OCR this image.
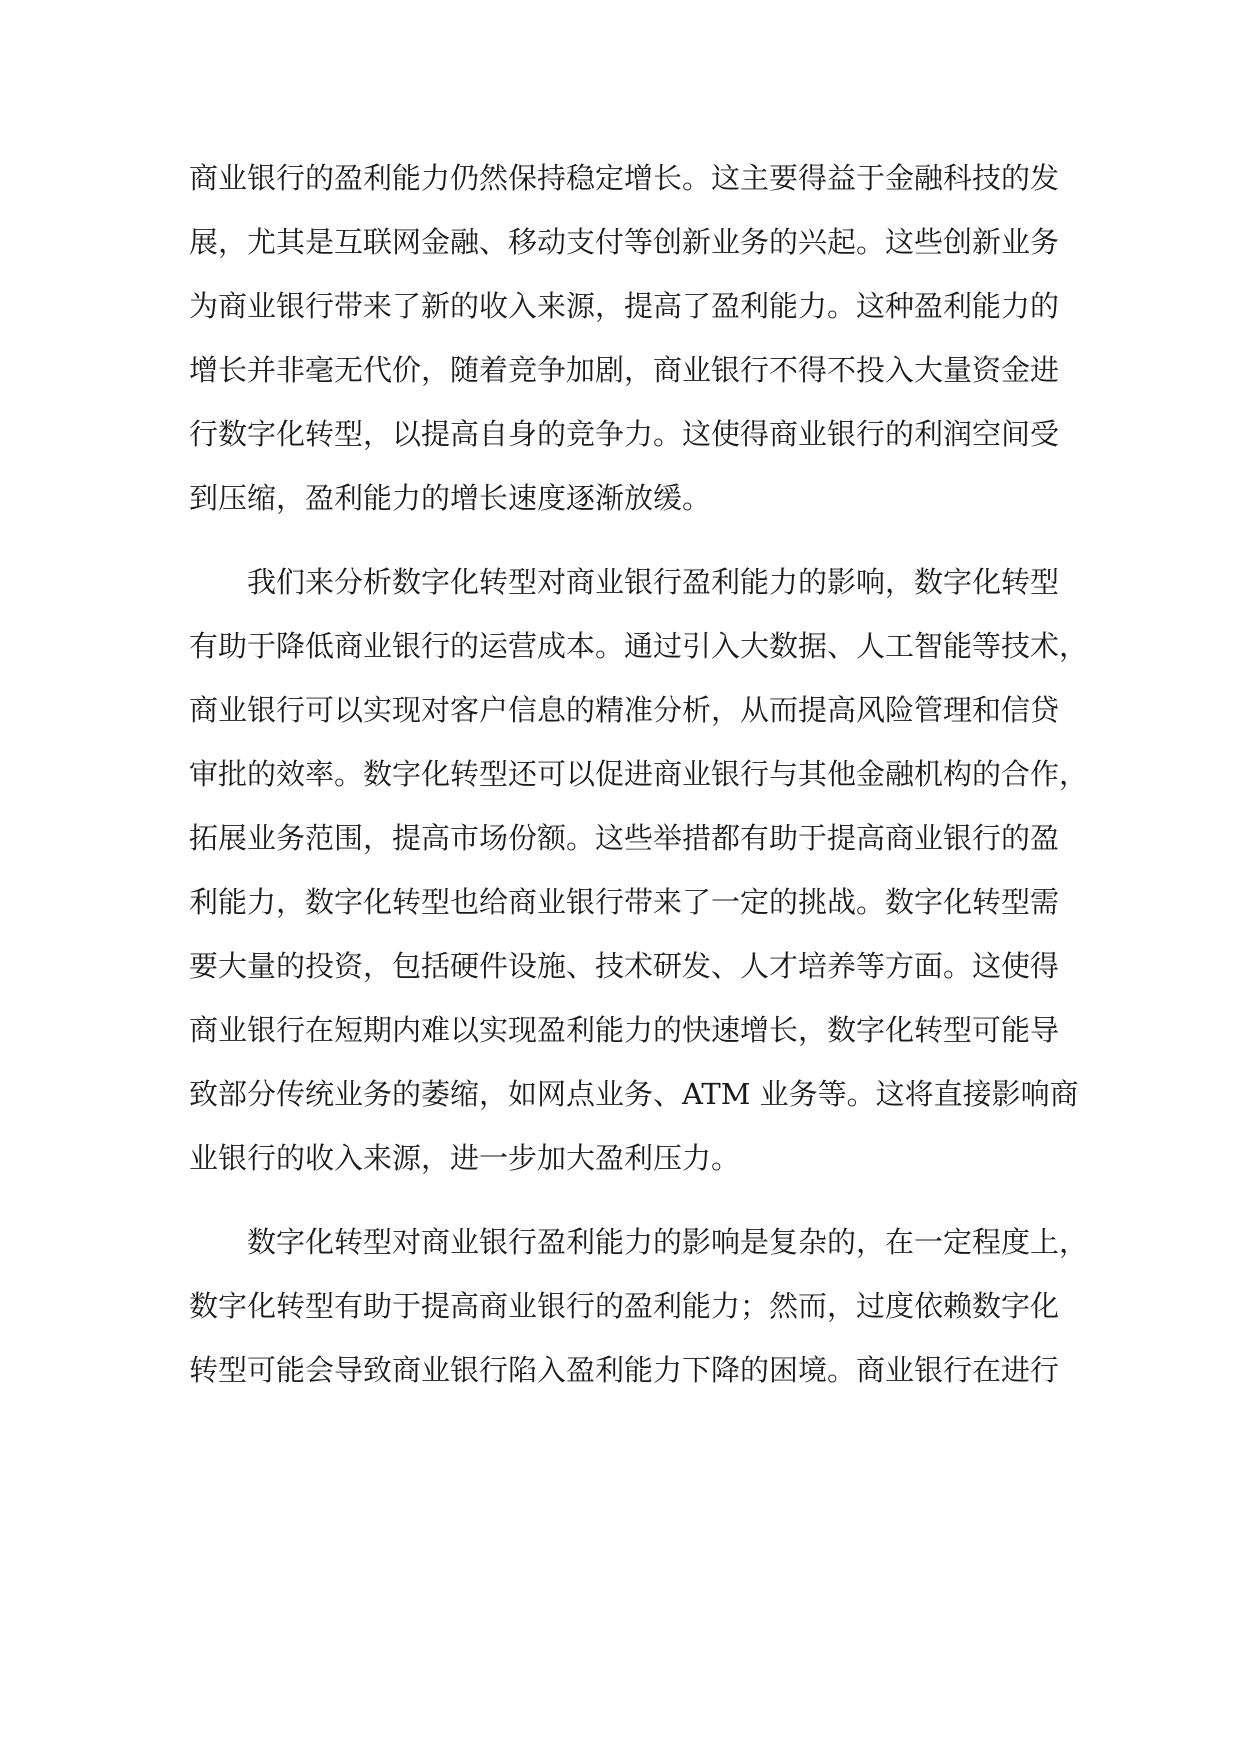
商业银行的盈利能力仍然保持稳定增长。这主要得益于金融科技的发
展，尤其是互联网金融、移动支付等创新业务的兴起。这些创新业务
为商业银行带来了新的收入来源，提高了盈利能力。这种盈利能力的
增长并非毫无代价，随着竞争加剧，商业银行不得不投入大量资金进
行数字化转型，以提高自身的竞争力。这使得商业银行的利润空间受
到压缩，盈利能力的增长速度逐渐放缓。
　　我们来分析数字化转型对商业银行盈利能力的影响，数字化转型
有助于降低商业银行的运营成本。通过引入大数据、人工智能等技术，
商业银行可以实现对客户信息的精准分析，从而提高风险管理和信贷
审批的效率。数字化转型还可以促进商业银行与其他金融机构的合作，
拓展业务范围，提高市场份额。这些举措都有助于提高商业银行的盈
利能力，数字化转型也给商业银行带来了一定的挑战。数字化转型需
要大量的投资，包括硬件设施、技术研发、人才培养等方面。这使得
商业银行在短期内难以实现盈利能力的快速增长，数字化转型可能导
致部分传统业务的萎缩，如网点业务、ATM 业务等。这将直接影响商
业银行的收入来源，进一步加大盈利压力。
　　数字化转型对商业银行盈利能力的影响是复杂的，在一定程度上，
数字化转型有助于提高商业银行的盈利能力；然而，过度依赖数字化
转型可能会导致商业银行陷入盈利能力下降的困境。商业银行在进行
